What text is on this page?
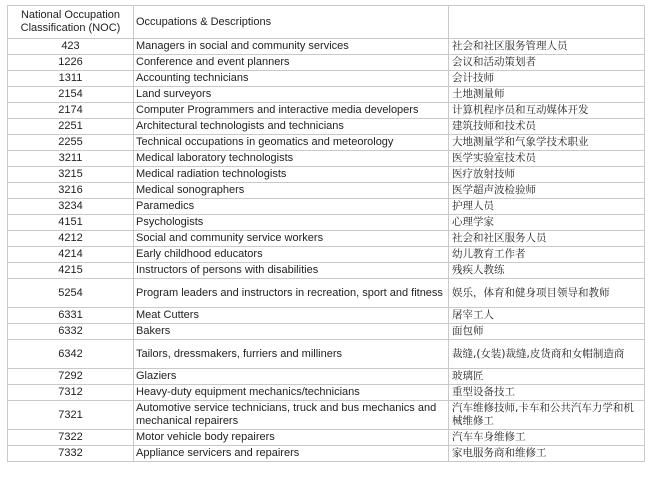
National Occupation Classification (NOC)	Occupations & Descriptions	
423	Managers in social and community services	社会和社区服务管理人员
1226	Conference and event planners	会议和活动策划者
1311	Accounting technicians	会计技师
2154	Land surveyors	土地测量师
2174	Computer Programmers and interactive media developers	计算机程序员和互动媒体开发
2251	Architectural technologists and technicians	建筑技师和技术员
2255	Technical occupations in geomatics and meteorology	大地测量学和气象学技术职业
3211	Medical laboratory technologists	医学实验室技术员
3215	Medical radiation technologists	医疗放射技师
3216	Medical sonographers	医学超声波检验师
3234	Paramedics	护理人员
4151	Psychologists	心理学家
4212	Social and community service workers	社会和社区服务人员
4214	Early childhood educators	幼儿教育工作者
4215	Instructors of persons with disabilities	残疾人教练
5254	Program leaders and instructors in recreation, sport and fitness	娱乐，体育和健身项目领导和教师
6331	Meat Cutters	屠宰工人
6332	Bakers	面包师
6342	Tailors, dressmakers, furriers and milliners	裁缝,(女装)裁缝,皮货商和女帽制造商
7292	Glaziers	玻璃匠
7312	Heavy-duty equipment mechanics/technicians	重型设备技工
7321	Automotive service technicians, truck and bus mechanics and mechanical repairers	汽车维修技师,卡车和公共汽车力学和机械维修工
7322	Motor vehicle body repairers	汽车车身维修工
7332	Appliance servicers and repairers	家电服务商和维修工
